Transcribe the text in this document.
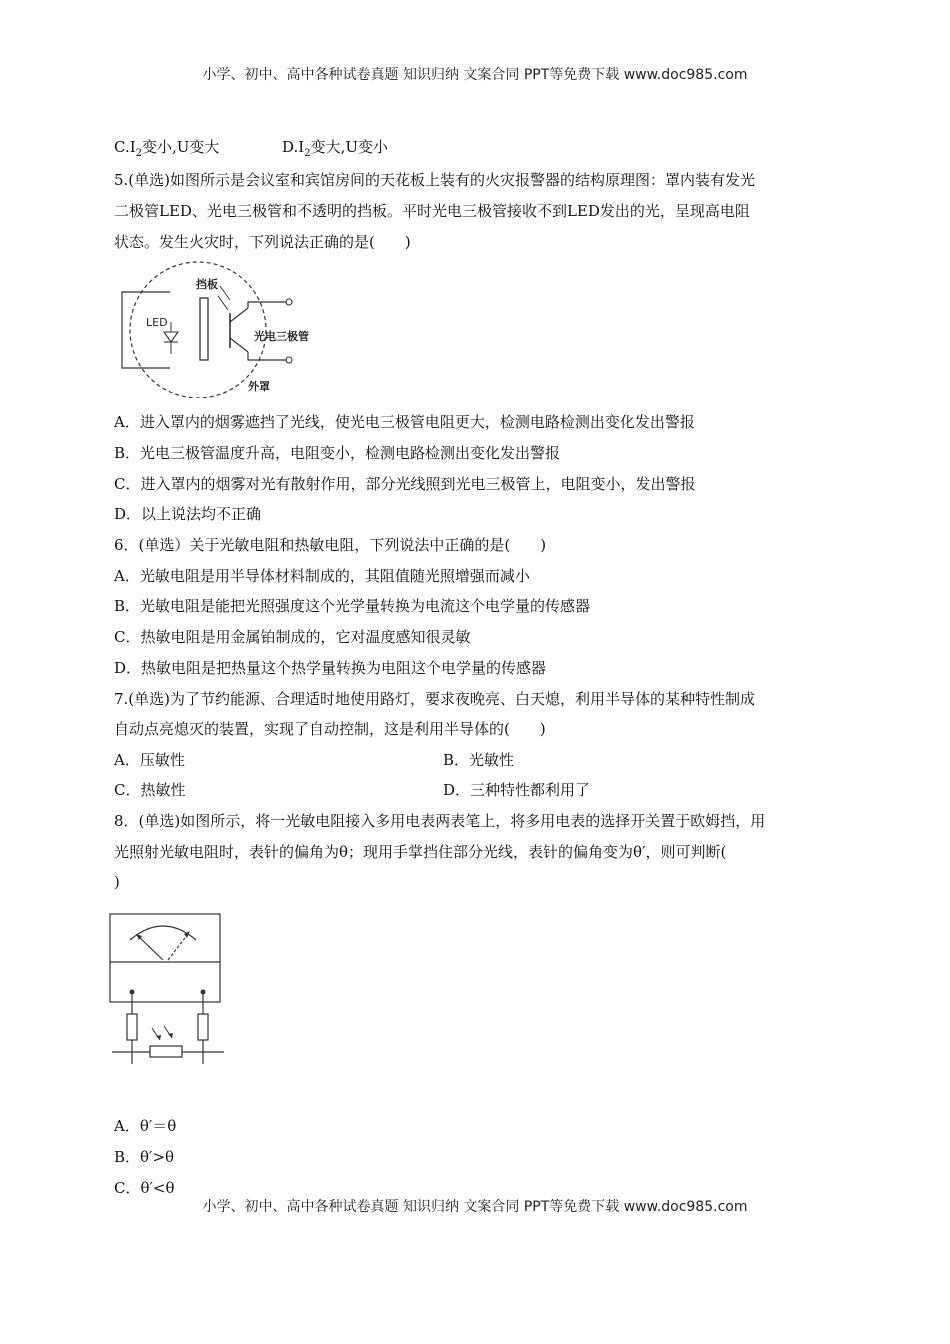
小学、初中、高中各种试卷真题 知识归纳 文案合同 PPT等免费下载 www.doc985.com
$C.I_2$变小,U变大	$D.I_2$变大,U变小
5.(单选)如图所示是会议室和宾馆房间的天花板上装有的火灾报警器的结构原理图：罩内装有发光
二极管LED、光电三极管和不透明的挡板。平时光电三极管接收不到LED发出的光，呈现高电阻
状态。发生火灾时，下列说法正确的是(　　)
LED
挡板
光电三极管
外罩
A．进入罩内的烟雾遮挡了光线，使光电三极管电阻更大，检测电路检测出变化发出警报
B．光电三极管温度升高，电阻变小，检测电路检测出变化发出警报
C．进入罩内的烟雾对光有散射作用，部分光线照到光电三极管上，电阻变小，发出警报
D．以上说法均不正确
6．(单选）关于光敏电阻和热敏电阻，下列说法中正确的是(　　)
A．光敏电阻是用半导体材料制成的，其阻值随光照增强而减小
B．光敏电阻是能把光照强度这个光学量转换为电流这个电学量的传感器
C．热敏电阻是用金属铂制成的，它对温度感知很灵敏
D．热敏电阻是把热量这个热学量转换为电阻这个电学量的传感器
7.(单选)为了节约能源、合理适时地使用路灯，要求夜晚亮、白天熄，利用半导体的某种特性制成
自动点亮熄灭的装置，实现了自动控制，这是利用半导体的(　　)
A．压敏性	B．光敏性
C．热敏性	D．三种特性都利用了
8．(单选)如图所示，将一光敏电阻接入多用电表两表笔上，将多用电表的选择开关置于欧姆挡，用
光照射光敏电阻时，表针的偏角为θ；现用手掌挡住部分光线，表针的偏角变为θ′，则可判断(
)
A．θ′＝θ
B．θ′>θ
C．θ′<θ
小学、初中、高中各种试卷真题 知识归纳 文案合同 PPT等免费下载 www.doc985.com
